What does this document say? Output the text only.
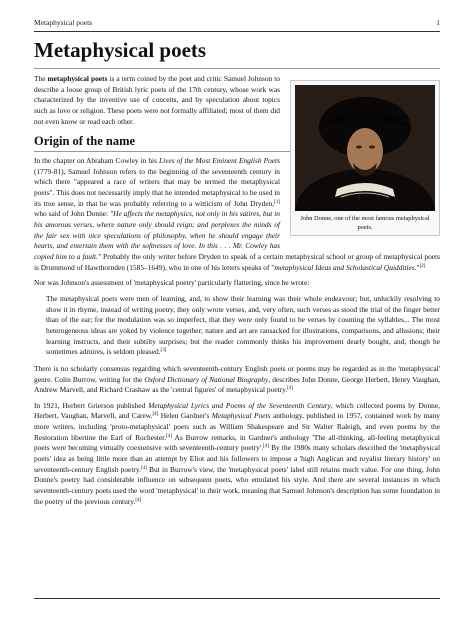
Metaphysical poets	1
Metaphysical poets
John Donne, one of the most famous metaphysical poets.

The metaphysical poets is a term coined by the poet and critic Samuel Johnson to describe a loose group of British lyric poets of the 17th century, whose work was characterized by the inventive use of conceits, and by speculation about topics such as love or religion. These poets were not formally affiliated; most of them did not even know or read each other.

Origin of the name

In the chapter on Abraham Cowley in his Lives of the Most Eminent English Poets (1779-81), Samuel Johnson refers to the beginning of the seventeenth century in which there "appeared a race of writers that may be termed the metaphysical poets". This does not necessarily imply that he intended metaphysical to be used in its true sense, in that he was probably referring to a witticism of John Dryden,[1] who said of John Donne: "He affects the metaphysics, not only in his satires, but in his amorous verses, where nature only should reign; and perplexes the minds of the fair sex with nice speculations of philosophy, when he should engage their hearts, and entertain them with the softnesses of love. In this . . . Mr. Cowley has copied him to a fault." Probably the only writer before Dryden to speak of a certain metaphysical school or group of metaphysical poets is Drummond of Hawthornden (1585–1649), who in one of his letters speaks of "metaphysical Ideas and Scholastical Quiddities."[2]

Nor was Johnson's assessment of 'metaphysical poetry' particularly flattering, since he wrote:

The metaphysical poets were men of learning, and, to show their learning was their whole endeavour; but, unluckily resolving to show it in rhyme, instead of writing poetry, they only wrote verses, and, very often, such verses as stood the trial of the finger better than of the ear; for the modulation was so imperfect, that they were only found to be verses by counting the syllables... The most heterogeneous ideas are yoked by violence together; nature and art are ransacked for illustrations, comparisons, and allusions; their learning instructs, and their subtilty surprises; but the reader commonly thinks his improvement dearly bought, and, though he sometimes admires, is seldom pleased.[3]

There is no scholarly consensus regarding which seventeenth-century English poets or poems may be regarded as in the 'metaphysical' genre. Colin Burrow, writing for the Oxford Dictionary of National Biography, describes John Donne, George Herbert, Henry Vaughan, Andrew Marvell, and Richard Crashaw as the 'central figures' of metaphysical poetry.[4]

In 1921, Herbert Grierson published Metaphysical Lyrics and Poems of the Seventeenth Century, which collected poems by Donne, Herbert, Vaughan, Marvell, and Carew.[4] Helen Gardner's Metaphysical Poets anthology, published in 1957, contained work by many more writers, including 'proto-metaphysical' poets such as William Shakespeare and Sir Walter Raleigh, and even poems by the Restoration libertine the Earl of Rochester.[4] As Burrow remarks, in Gardner's anthology 'The all-thinking, all-feeling metaphysical poets were becoming virtually coextensive with seventeenth-century poetry'.[4] By the 1980s many scholars described the 'metaphysical poets' idea as being little more than an attempt by Eliot and his followers to impose a 'high Anglican and royalist literary history' on seventeenth-century English poetry.[4] But in Burrow's view, the 'metaphysical poets' label still retains much value. For one thing, John Donne's poetry had considerable influence on subsequent poets, who emulated his style. And there are several instances in which seventeenth-century poets used the word 'metaphysical' in their work, meaning that Samuel Johnson's description has some foundation in the poetry of the previous century.[4]
